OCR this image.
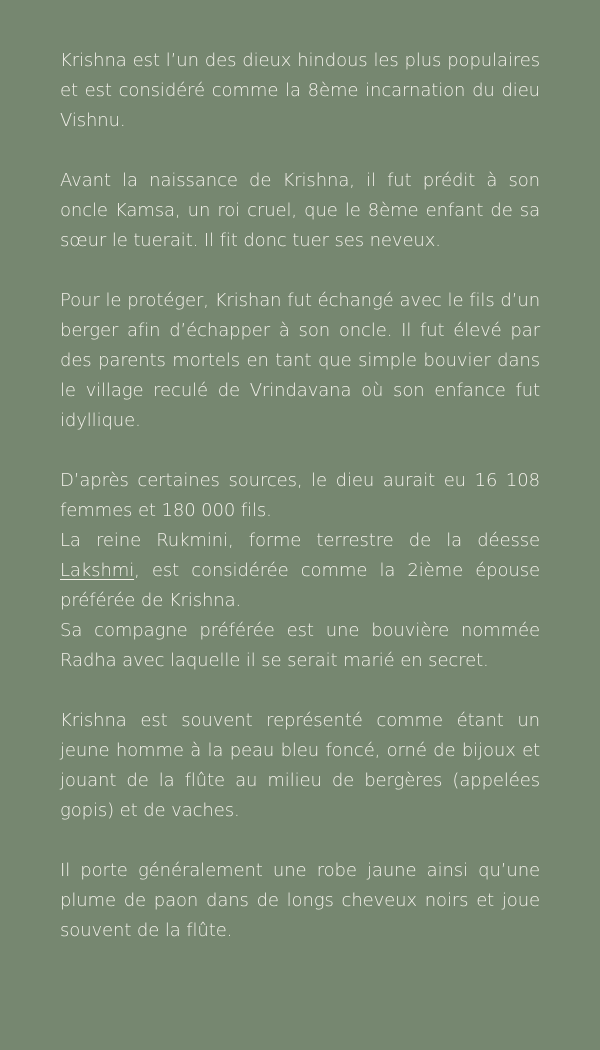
Krishna est l’un des dieux hindous les plus populaires et est considéré comme la 8ème incarnation du dieu Vishnu.

Avant la naissance de Krishna, il fut prédit à son oncle Kamsa, un roi cruel, que le 8ème enfant de sa sœur le tuerait. Il fit donc tuer ses neveux.

Pour le protéger, Krishan fut échangé avec le fils d’un berger afin d’échapper à son oncle. Il fut élevé par des parents mortels en tant que simple bouvier dans le village reculé de Vrindavana où son enfance fut idyllique.

D’après certaines sources, le dieu aurait eu 16 108 femmes et 180 000 fils.
La reine Rukmini, forme terrestre de la déesse Lakshmi, est considérée comme la 2ième épouse préférée de Krishna.
Sa compagne préférée est une bouvière nommée Radha avec laquelle il se serait marié en secret.

Krishna est souvent représenté comme étant un jeune homme à la peau bleu foncé, orné de bijoux et jouant de la flûte au milieu de bergères (appelées gopis) et de vaches.

Il porte généralement une robe jaune ainsi qu’une plume de paon dans de longs cheveux noirs et joue souvent de la flûte.
